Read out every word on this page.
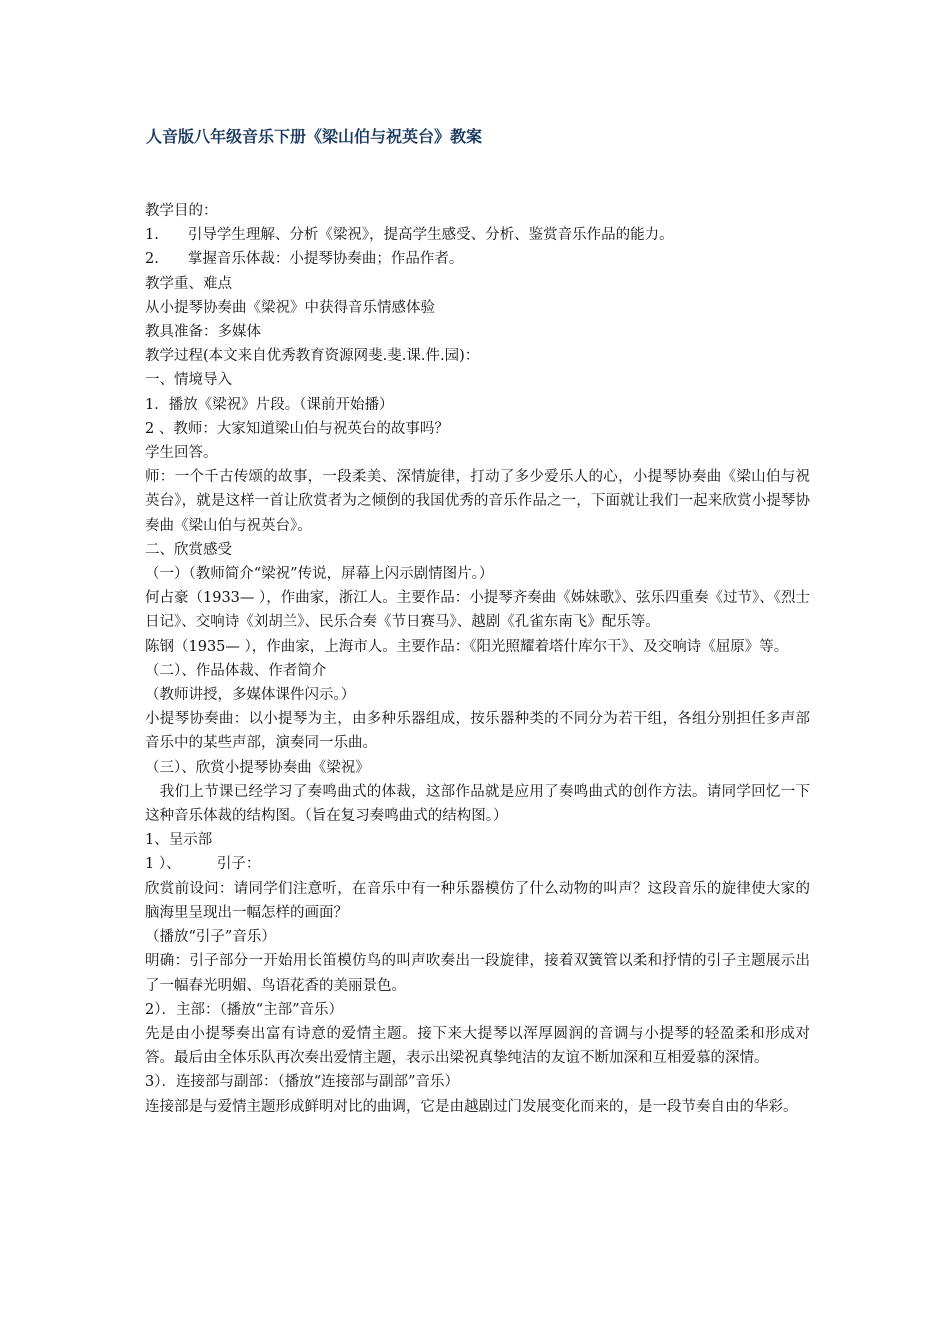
人音版八年级音乐下册《梁山伯与祝英台》教案

教学目的：

1.　　引导学生理解、分析《梁祝》，提高学生感受、分析、鉴赏音乐作品的能力。

2.　　掌握音乐体裁：小提琴协奏曲；作品作者。

教学重、难点

从小提琴协奏曲《梁祝》中获得音乐情感体验

教具准备：多媒体

教学过程(本文来自优秀教育资源网斐.斐.课.件.园)：

一、情境导入

1．播放《梁祝》片段。（课前开始播）

2 、教师：大家知道梁山伯与祝英台的故事吗？

学生回答。

师：一个千古传颂的故事，一段柔美、深情旋律，打动了多少爱乐人的心，小提琴协奏曲《梁山伯与祝英台》，就是这样一首让欣赏者为之倾倒的我国优秀的音乐作品之一，下面就让我们一起来欣赏小提琴协奏曲《梁山伯与祝英台》。

二、欣赏感受

（一）（教师简介“梁祝”传说，屏幕上闪示剧情图片。）

何占豪（1933— ），作曲家，浙江人。主要作品：小提琴齐奏曲《姊妹歌》、弦乐四重奏《过节》、《烈士日记》、交响诗《刘胡兰》、民乐合奏《节日赛马》、越剧《孔雀东南飞》配乐等。

陈钢（1935— ），作曲家，上海市人。主要作品：《阳光照耀着塔什库尔干》、及交响诗《屈原》等。

（二）、作品体裁、作者简介

（教师讲授，多媒体课件闪示。）

小提琴协奏曲：以小提琴为主，由多种乐器组成，按乐器种类的不同分为若干组，各组分别担任多声部音乐中的某些声部，演奏同一乐曲。

（三）、欣赏小提琴协奏曲《梁祝》

　我们上节课已经学习了奏鸣曲式的体裁，这部作品就是应用了奏鸣曲式的创作方法。请同学回忆一下这种音乐体裁的结构图。（旨在复习奏鸣曲式的结构图。）

1、呈示部

1 ）、　　　引子：

欣赏前设问：请同学们注意听，在音乐中有一种乐器模仿了什么动物的叫声？这段音乐的旋律使大家的脑海里呈现出一幅怎样的画面？

（播放“引子”音乐）

明确：引子部分一开始用长笛模仿鸟的叫声吹奏出一段旋律，接着双簧管以柔和抒情的引子主题展示出了一幅春光明媚、鸟语花香的美丽景色。

2）．主部：（播放“主部”音乐）

先是由小提琴奏出富有诗意的爱情主题。接下来大提琴以浑厚圆润的音调与小提琴的轻盈柔和形成对答。最后由全体乐队再次奏出爱情主题，表示出梁祝真挚纯洁的友谊不断加深和互相爱慕的深情。

3）．连接部与副部：（播放“连接部与副部”音乐）

连接部是与爱情主题形成鲜明对比的曲调，它是由越剧过门发展变化而来的，是一段节奏自由的华彩。
